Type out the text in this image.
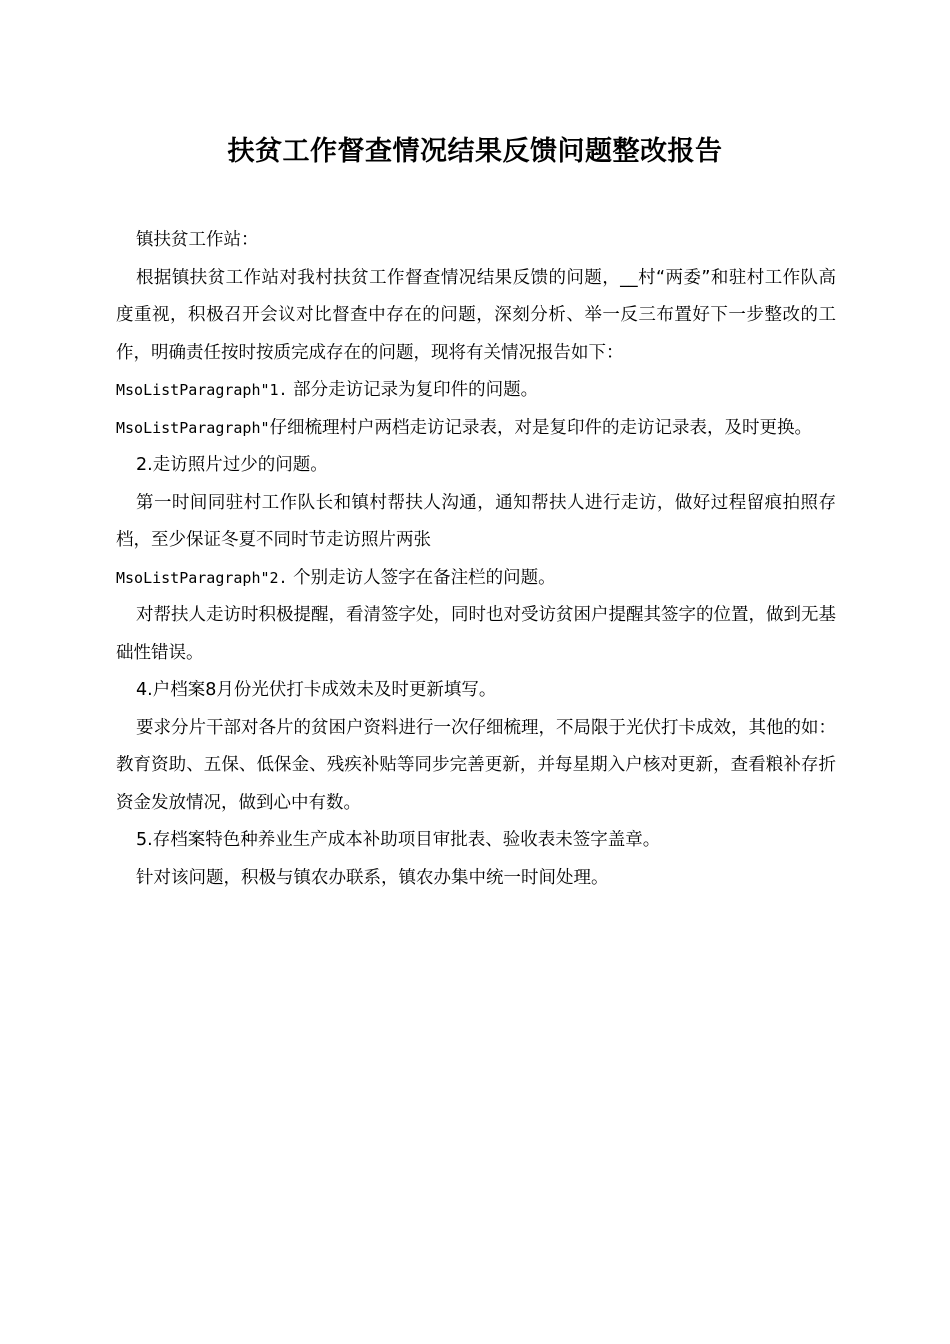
扶贫工作督查情况结果反馈问题整改报告

镇扶贫工作站：

根据镇扶贫工作站对我村扶贫工作督查情况结果反馈的问题，__村“两委”和驻村工作队高度重视，积极召开会议对比督查中存在的问题，深刻分析、举一反三布置好下一步整改的工作，明确责任按时按质完成存在的问题，现将有关情况报告如下：

MsoListParagraph"1. 部分走访记录为复印件的问题。

MsoListParagraph"仔细梳理村户两档走访记录表，对是复印件的走访记录表，及时更换。

2.走访照片过少的问题。

第一时间同驻村工作队长和镇村帮扶人沟通，通知帮扶人进行走访，做好过程留痕拍照存档，至少保证冬夏不同时节走访照片两张

MsoListParagraph"2. 个别走访人签字在备注栏的问题。

对帮扶人走访时积极提醒，看清签字处，同时也对受访贫困户提醒其签字的位置，做到无基础性错误。

4.户档案8月份光伏打卡成效未及时更新填写。

要求分片干部对各片的贫困户资料进行一次仔细梳理，不局限于光伏打卡成效，其他的如：教育资助、五保、低保金、残疾补贴等同步完善更新，并每星期入户核对更新，查看粮补存折资金发放情况，做到心中有数。

5.存档案特色种养业生产成本补助项目审批表、验收表未签字盖章。

针对该问题，积极与镇农办联系，镇农办集中统一时间处理。
